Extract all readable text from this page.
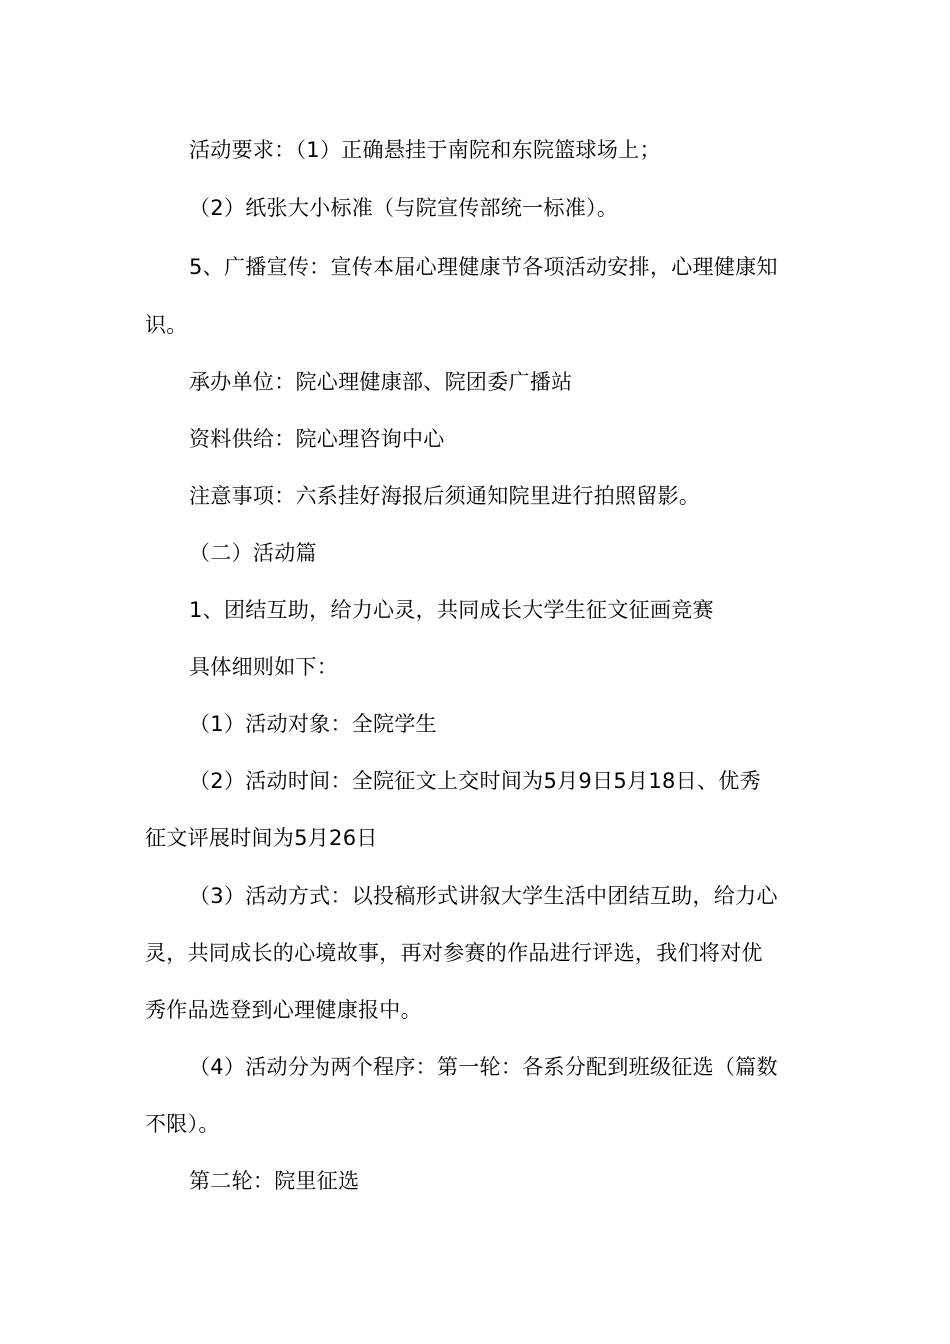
活动要求：（1）正确悬挂于南院和东院篮球场上；
（2）纸张大小标准（与院宣传部统一标准）。
5、广播宣传：宣传本届心理健康节各项活动安排，心理健康知
识。
承办单位：院心理健康部、院团委广播站
资料供给：院心理咨询中心
注意事项：六系挂好海报后须通知院里进行拍照留影。
（二）活动篇
1、团结互助，给力心灵，共同成长大学生征文征画竞赛
具体细则如下：
（1）活动对象：全院学生
（2）活动时间：全院征文上交时间为5月9日5月18日、优秀
征文评展时间为5月26日
（3）活动方式：以投稿形式讲叙大学生活中团结互助，给力心
灵，共同成长的心境故事，再对参赛的作品进行评选，我们将对优
秀作品选登到心理健康报中。
（4）活动分为两个程序：第一轮：各系分配到班级征选（篇数
不限）。
第二轮：院里征选
